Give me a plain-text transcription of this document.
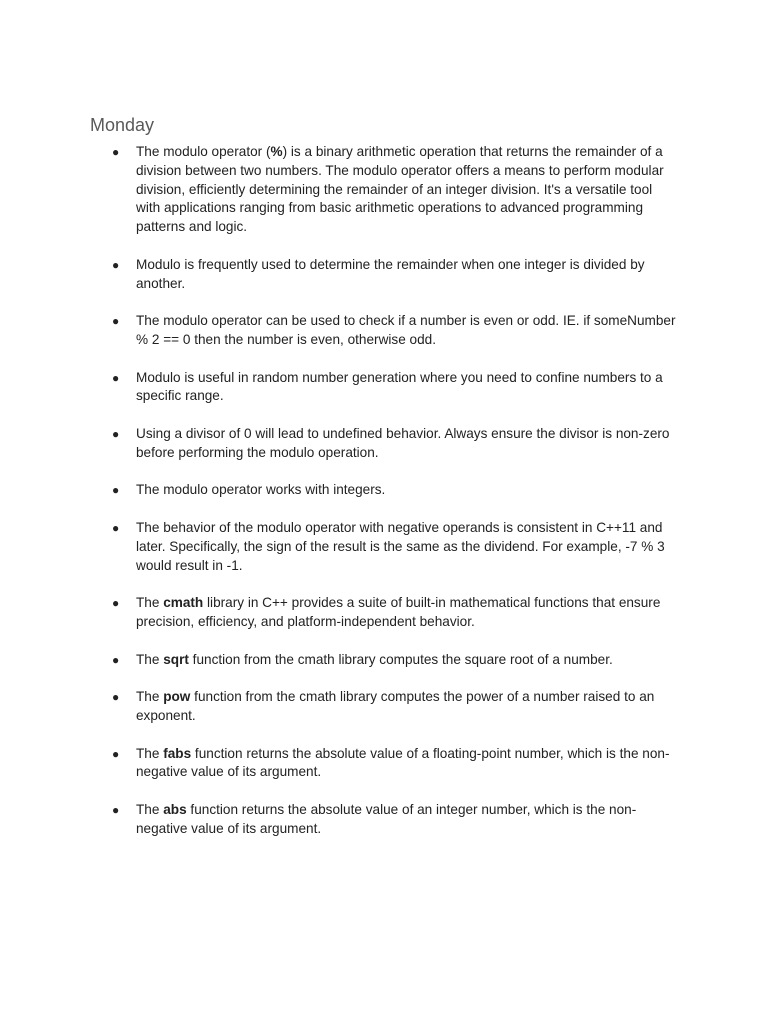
Monday
● The modulo operator (%) is a binary arithmetic operation that returns the remainder of a division between two numbers. The modulo operator offers a means to perform modular division, efficiently determining the remainder of an integer division. It's a versatile tool with applications ranging from basic arithmetic operations to advanced programming patterns and logic.
● Modulo is frequently used to determine the remainder when one integer is divided by another.
● The modulo operator can be used to check if a number is even or odd. IE. if someNumber % 2 == 0 then the number is even, otherwise odd.
● Modulo is useful in random number generation where you need to confine numbers to a specific range.
● Using a divisor of 0 will lead to undefined behavior. Always ensure the divisor is non-zero before performing the modulo operation.
● The modulo operator works with integers.
● The behavior of the modulo operator with negative operands is consistent in C++11 and later. Specifically, the sign of the result is the same as the dividend. For example, -7 % 3 would result in -1.
● The cmath library in C++ provides a suite of built-in mathematical functions that ensure precision, efficiency, and platform-independent behavior.
● The sqrt function from the cmath library computes the square root of a number.
● The pow function from the cmath library computes the power of a number raised to an exponent.
● The fabs function returns the absolute value of a floating-point number, which is the non-negative value of its argument.
● The abs function returns the absolute value of an integer number, which is the non-negative value of its argument.
